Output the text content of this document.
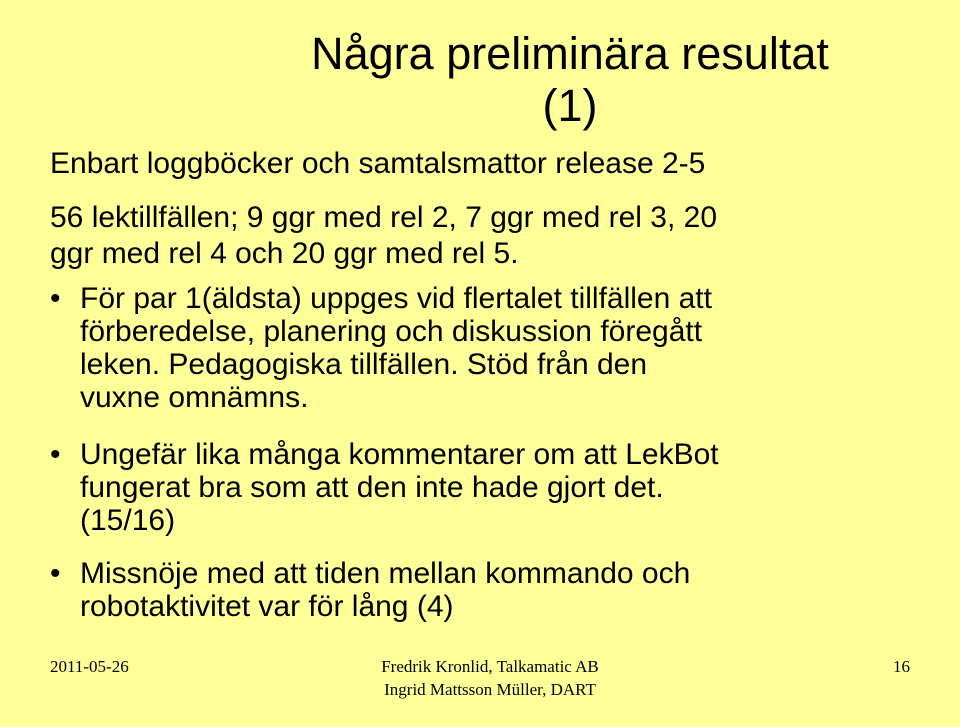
Några preliminära resultat
(1)
Enbart loggböcker och samtalsmattor release 2-5
56 lektillfällen; 9 ggr med rel 2, 7 ggr med rel 3, 20
ggr med rel 4 och 20 ggr med rel 5.
• För par 1(äldsta) uppges vid flertalet tillfällen att
förberedelse, planering och diskussion föregått
leken. Pedagogiska tillfällen. Stöd från den
vuxne omnämns.
• Ungefär lika många kommentarer om att LekBot
fungerat bra som att den inte hade gjort det.
(15/16)
• Missnöje med att tiden mellan kommando och
robotaktivitet var för lång (4)
2011-05-26	Fredrik Kronlid, Talkamatic AB
Ingrid Mattsson Müller, DART
16
